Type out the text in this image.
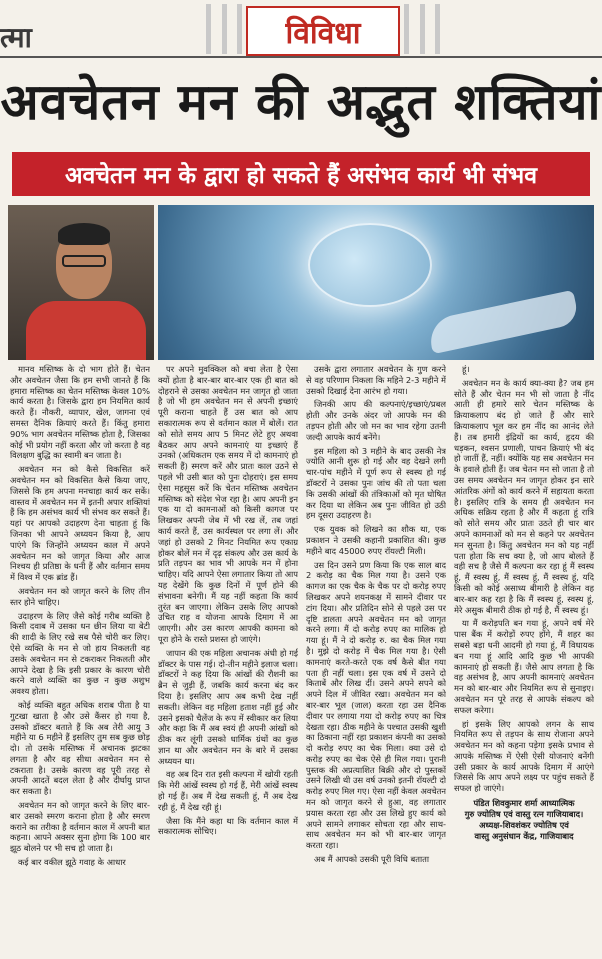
त्मा	विविधा
अवचेतन मन की अद्भुत शक्तियां
अवचेतन मन के द्वारा हो सकते हैं असंभव कार्य भी संभव

मानव मस्तिष्क के दो भाग होते हैं। चेतन और अवचेतन जैसा कि हम सभी जानते हैं कि हमारा मस्तिष्क का चेतन मस्तिष्क केवल 10% कार्य करता है। जिसके द्वारा हम नियमित कार्य करते हैं। नौकरी, व्यापार, खेल, जागना एवं समस्त दैनिक क्रियाएं करते हैं। किंतु हमारा 90% भाग अवचेतन मस्तिष्क होता है, जिसका कोई भी प्रयोग नहीं करता और जो करता है वह विलक्षण बुद्धि का स्वामी बन जाता है।

अवचेतन मन को कैसे विकसित करें अवचेतन मन को विकसित कैसे किया जाए, जिससे कि हम अपना मनचाहा कार्य कर सकें। वास्तव में अवचेतन मन में इतनी अपार शक्तियां हैं कि हम असंभव कार्य भी संभव कर सकते हैं। यहां पर आपको उदाहरण देना चाहता हूं कि जिनका भी आपने अध्ययन किया है, आप पाएंगे कि जिन्होंने अध्ययन काल में अपने अवचेतन मन को जागृत किया और आज निश्चय ही प्रतिष्ठा के धनी हैं और वर्तमान समय में विश्व में एक ब्रांड हैं।

अवचेतन मन को जागृत करने के लिए तीन स्तर होने चाहिए।

उदाहरण के लिए जैसे कोई गरीब व्यक्ति है किसी दवाब में उसका धन छीन लिया या बेटी की शादी के लिए रखे सब पैसे चोरी कर लिए। ऐसे व्यक्ति के मन से जो हाय निकलती वह उसके अवचेतन मन से टकराकर निकलती और आपने देखा है कि इसी प्रकार के कारण चोरी करने वाले व्यक्ति का कुछ न कुछ अशुभ अवश्य होता।

कोई व्यक्ति बहुत अधिक शराब पीता है या गुटखा खाता है और उसे कैंसर हो गया है, उसको डॉक्टर बताते हैं कि अब तेरी आयु 3 महीने या 6 महीने हैं इसलिए तुम सब कुछ छोड़ दो। तो उसके मस्तिष्क में अचानक झटका लगता है और वह सीधा अवचेतन मन से टकराता है। उसके कारण वह पूरी तरह से अपनी आदतें बदल लेता है और दीर्घायु प्राप्त कर सकता है।

अवचेतन मन को जागृत करने के लिए बार-बार उसको स्मरण कराना होता है और स्मरण कराने का तरीका है वर्तमान काल में अपनी बात कहना। आपने अक्सर सुना होगा कि 100 बार झूठ बोलने पर भी सच हो जाता है।

कई बार वकील झूठे गवाह के आधार

पर अपने मुवक्किल को बचा लेता है ऐसा क्यों होता है बार-बार बार-बार एक ही बात को दोहराने से उसका अवचेतन मन जागृत हो जाता है जो भी हम अवचेतन मन से अपनी इच्छाएं पूरी कराना चाहते हैं उस बात को आप सकारात्मक रूप से वर्तमान काल में बोलें। रात को सोते समय आप 5 मिनट लेटे हुए अथवा बैठकर आप अपने कामनाएं या इच्छाएं हैं उनको (अधिकतम एक समय में दो कामनाएं हो सकती हैं) स्मरण करें और प्रातः काल उठने से पहले भी उसी बात को पुनः दोहराएं। इस समय ऐसा महसूस करें कि चेतन मस्तिष्क अवचेतन मस्तिष्क को संदेश भेज रहा है। आप अपनी इन एक या दो कामनाओं को किसी कागज पर लिखकर अपनी जेब में भी रख लें, तब जहां कार्य करते हैं, उस कार्यस्थल पर लगा लें। और जहां हो उसको 2 मिनट नियमित रूप एकाग्र होकर बोलें मन में दृढ़ संकल्प और उस कार्य के प्रति तड़पन का भाव भी आपके मन में होना चाहिए। यदि आपने ऐसा लगातार किया तो आप यह देखेंगे कि कुछ दिनों में पूर्ण होने की संभावना बनेगी। मैं यह नहीं कहता कि कार्य तुरंत बन जाएगा। लेकिन उसके लिए आपको उचित राह व योजना आपके दिमाग में आ जाएगी। और उस कारण आपकी कामना को पूरा होने के रास्ते प्रशस्त हो जाएंगे।

जापान की एक महिला अचानक अंधी हो गई डॉक्टर के पास गई। दो-तीन महीने इलाज चला। डॉक्टरों ने कह दिया कि आंखों की रौशनी का ब्रैन से जुड़ी हैं, जबकि कार्य करना बंद कर दिया है। इसलिए आप अब कभी देख नहीं सकती। लेकिन वह महिला हताश नहीं हुई और उसने इसको चैलेंज के रूप में स्वीकार कर लिया और कहा कि मैं अब स्वयं ही अपनी आंखों को ठीक कर लूंगी उसको धार्मिक ग्रंथों का कुछ ज्ञान था और अवचेतन मन के बारे में उसका अध्ययन था।

वह अब दिन रात इसी कल्पना में खोयी रहती कि मेरी आंखें स्वस्थ हो गई हैं, मेरी आंखें स्वस्थ हो गई हैं। अब मैं देख सकती हूं, मैं अब देख रही हूं, मैं देख रही हूं।

जैसा कि मैंने कहा था कि वर्तमान काल में सकारात्मक सोचिए।

उसके द्वारा लगातार अवचेतन के गुण करने से वह परिणाम निकला कि महिने 2-3 महीने में उसको दिखाई देना आरंभ हो गया।

जिनकी आप की कल्पनाएं/इच्छाएं/प्रबल होती और उनके अंदर जो आपके मन की तड़पन होती और जो मन का भाव रहेगा उतनी जल्दी आपके कार्य बनेंगे।

इस महिला को 3 महीने के बाद उसकी नेत्र ज्योति आनी शुरू हो गई और वह देखने लगी चार-पांच महीने में पूर्ण रूप से स्वस्थ हो गई डॉक्टरों ने उसका पुनः जांच की तो पता चला कि उसकी आंखों की तंत्रिकाओं को मृत घोषित कर दिया था लेकिन अब पुनः जीवित हो उठी हम दूसरा उदाहरण है।

एक युवक को लिखने का शौक था, एक प्रकाशन ने उसकी कहानी प्रकाशित की। कुछ महीने बाद 45000 रुपए रॉयल्टी मिली।

उस दिन उसने प्रण किया कि एक साल बाद 2 करोड़ का चैक मिल गया है। उसने एक कागज का एक चैक के चैक पर दो करोड़ रुपए लिखकर अपने शयनकक्ष में सामने दीवार पर टांग दिया। और प्रतिदिन सोने से पहले उस पर दृष्टि डालता अपने अवचेतन मन को जागृत करने लगा। मैं दो करोड़ रुपए का मालिक हो गया हूं। मैं ने दो करोड़ रु. का चैक मिल गया है। मुझे दो करोड़ में चैक मिल गया है। ऐसी कामनाएं करते-करते एक वर्ष कैसे बीत गया पता ही नहीं चला। इस एक वर्ष में उसने दो किताबें और लिख दीं। उसने अपने सपने को अपने दिल में जीवित रखा। अवचेतन मन को बार-बार भूल (जाल) करता रहा उस दैनिक दीवार पर लगाया गया दो करोड़ रुपए का चित्र देखता रहा। ठीक महीने के पश्चात उसकी खुशी का ठिकाना नहीं रहा प्रकाशन कंपनी का उसको दो करोड़ रुपए का चेक मिला। क्या उसे दो करोड़ रुपए का चेक ऐसे ही मिल गया। पुरानी पुस्तक की अप्रत्याशित बिक्री और दो पुस्तकों उसने लिखी थी उस वर्ष उनको इतनी रॉयल्टी दो करोड़ रुपए मिल गए। ऐसा नहीं केवल अवचेतन मन को जागृत करने से हुआ, वह लगातार प्रयास करता रहा और उस लिखे हुए कार्य को अपने सामने लगाकर सोचता रहा और साथ-साथ अवचेतन मन को भी बार-बार जागृत करता रहा।

अब मैं आपको उसकी पूरी विधि बताता

हूं।

अवचेतन मन के कार्य क्या-क्या है? जब हम सोते हैं और चेतन मन भी सो जाता है नींद आती ही हमारे सारे चेतन मस्तिष्क के क्रियाकलाप बंद हो जाते हैं और सारे क्रियाकलाप भूल कर हम नींद का आनंद लेते हैं। तब हमारी इंद्रियों का कार्य, हृदय की धड़कन, श्वसन प्रणाली, पाचन क्रियाएं भी बंद हो जातीं हैं, नहीं। क्योंकि यह सब अवचेतन मन के हवाले होती हैं। जब चेतन मन सो जाता है तो उस समय अवचेतन मन जागृत होकर इन सारे आंतरिक अंगों को कार्य करने में सहायता करता है। इसलिए रात्रि के समय ही अवचेतन मन अधिक सक्रिय रहता है और मैं कहता हूं रात्रि को सोते समय और प्रातः उठते ही चार बार अपने कामनाओं को मन से कहने पर अवचेतन मन सुनता है। किंतु अवचेतन मन को यह नहीं पता होता कि सच क्या है, जो आप बोलते हैं वही सच है जैसे मैं कल्पना कर रहा हूं मैं स्वस्थ हूं, मैं स्वस्थ हूं, मैं स्वस्थ हूं, मैं स्वस्थ हूं, यदि किसी को कोई असाध्य बीमारी है लेकिन वह बार-बार कह रहा है कि मैं स्वस्थ हूं, स्वस्थ हूं, मेरे असुक बीमारी ठीक हो गई है, मैं स्वस्थ हूं।

या मैं करोड़पति बन गया हूं, अपने वर्ष मेरे पास बैंक में करोड़ों रुपए होंगे, मैं शहर का सबसे बड़ा धनी आदमी हो गया हूं, मैं विधायक बन गया हूं आदि आदि कुछ भी आपकी कामनाएं हो सकती हैं। जैसे आप लगता है कि वह असंभव है, आप अपनी कामनाएं अवचेतन मन को बार-बार और नियमित रूप से सुनाइए। अवचेतन मन पूरे तरह से आपके संकल्प को सफल करेगा।

हां इसके लिए आपको लगन के साथ नियमित रूप से तड़पन के साथ रोजाना अपने अवचेतन मन को कहना पड़ेगा इसके प्रभाव से आपके मस्तिष्क में ऐसी ऐसी योजनाएं बनेंगी उसी प्रकार के कार्य आपके दिमाग में आएंगे जिससे कि आप अपने लक्ष्य पर पहुंच सकते हैं सफल हो जाएंगे।

पंडित शिवकुमार शर्मा आध्यात्मिक
गुरु ज्योतिष एवं वास्तु रत्न गाजियाबाद।
अध्यक्ष-शिवशंकर ज्योतिष एवं
वास्तु अनुसंधान केंद्र, गाजियाबाद
